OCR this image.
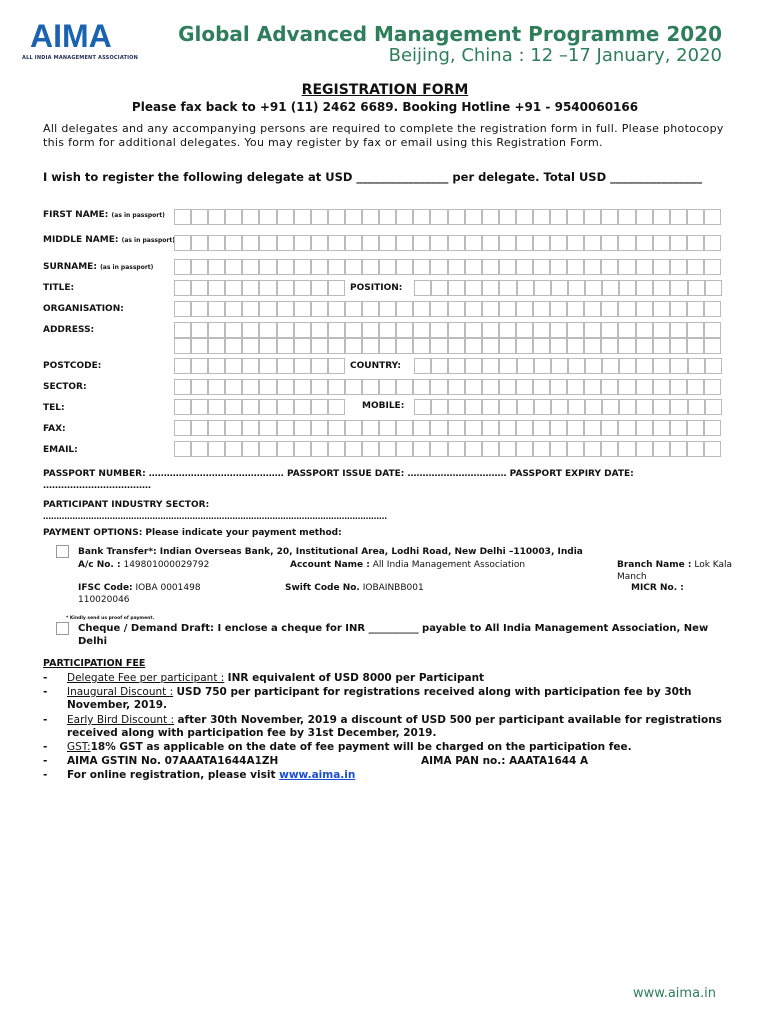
AIMA
ALL INDIA MANAGEMENT ASSOCIATION
Global Advanced Management Programme 2020
Beijing, China : 12 –17 January, 2020
REGISTRATION FORM
Please fax back to +91 (11) 2462 6689. Booking Hotline +91 - 9540060166
All delegates and any accompanying persons are required to complete the registration form in full. Please photocopy this form for additional delegates. You may register by fax or email using this Registration Form.
I wish to register the following delegate at USD ________________ per delegate. Total USD ________________
FIRST NAME: (as in passport)
MIDDLE NAME: (as in passport)
SURNAME: (as in passport)
TITLE:	POSITION:
ORGANISATION:
ADDRESS:
POSTCODE:	COUNTRY:
SECTOR:
TEL:	MOBILE:
FAX:
EMAIL:
PASSPORT NUMBER: ……………………………………… PASSPORT ISSUE DATE: …………………………… PASSPORT EXPIRY DATE: ………………………………
PARTICIPANT INDUSTRY SECTOR:
…………………………………………………………………………………………………………………
PAYMENT OPTIONS: Please indicate your payment method:
Bank Transfer*: Indian Overseas Bank, 20, Institutional Area, Lodhi Road, New Delhi –110003, India
A/c No. : 149801000029792	Account Name : All India Management Association	Branch Name : Lok Kala Manch
IFSC Code: IOBA 0001498	Swift Code No. IOBAINBB001	MICR No. :
110020046
* Kindly send us proof of payment.
Cheque / Demand Draft: I enclose a cheque for INR __________ payable to All India Management Association, New Delhi
PARTICIPATION FEE
- Delegate Fee per participant : INR equivalent of USD 8000 per Participant
- Inaugural Discount : USD 750 per participant for registrations received along with participation fee by 30th November, 2019.
- Early Bird Discount : after 30th November, 2019 a discount of USD 500 per participant available for registrations received along with participation fee by 31st December, 2019.
- GST:18% GST as applicable on the date of fee payment will be charged on the participation fee.
- AIMA GSTIN No. 07AAATA1644A1ZH	AIMA PAN no.: AAATA1644 A
- For online registration, please visit www.aima.in
www.aima.in
